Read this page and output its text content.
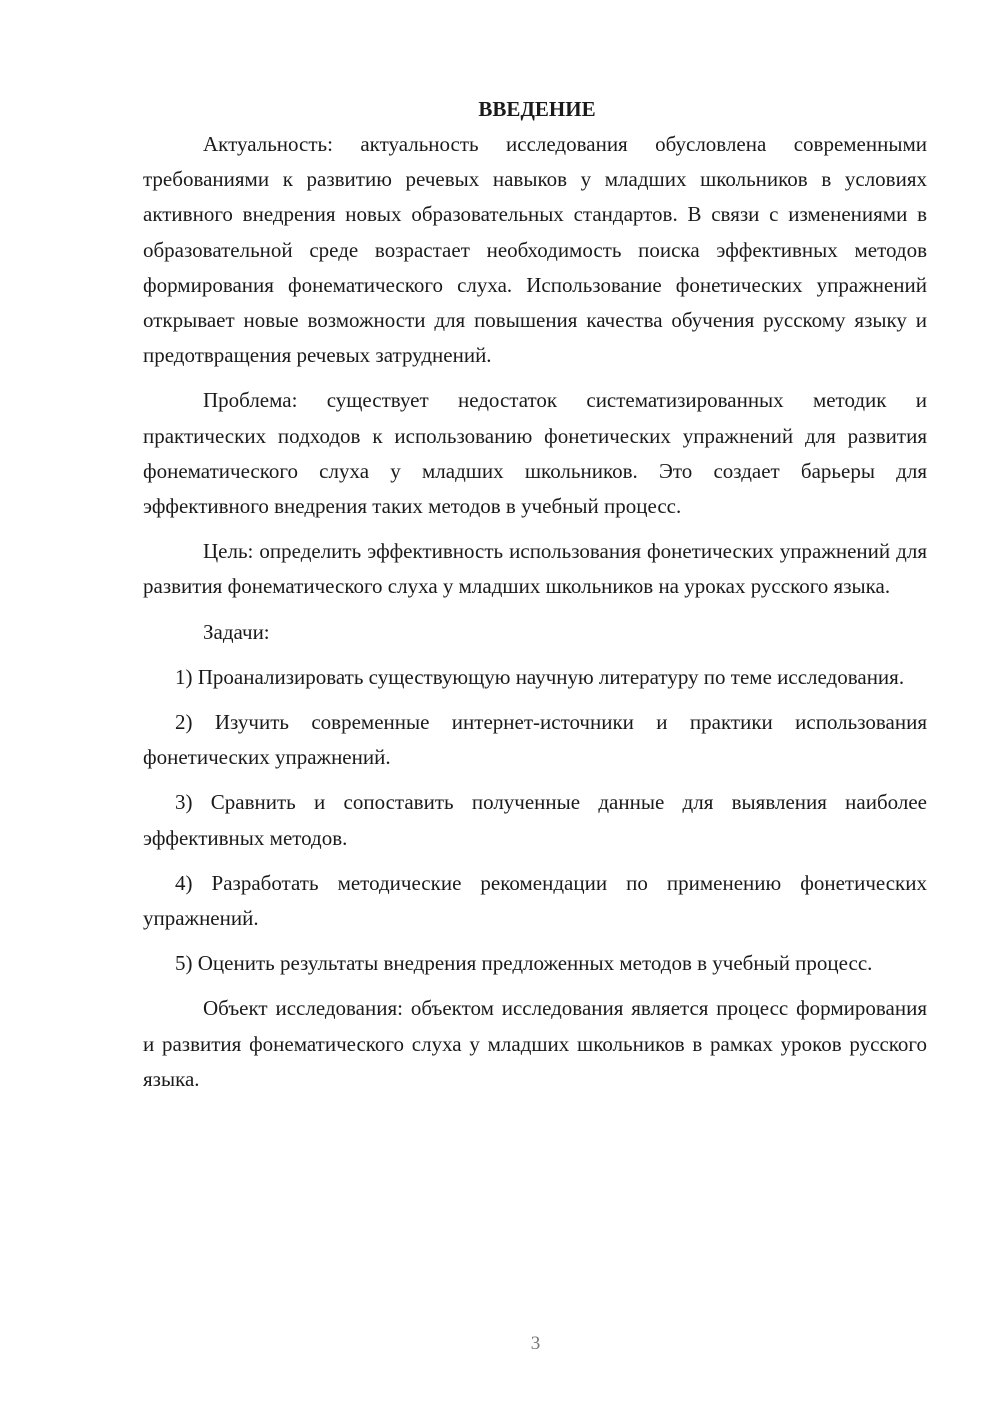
ВВЕДЕНИЕ

Актуальность: актуальность исследования обусловлена современными требованиями к развитию речевых навыков у младших школьников в условиях активного внедрения новых образовательных стандартов. В связи с изменениями в образовательной среде возрастает необходимость поиска эффективных методов формирования фонематического слуха. Использование фонетических упражнений открывает новые возможности для повышения качества обучения русскому языку и предотвращения речевых затруднений.

Проблема: существует недостаток систематизированных методик и практических подходов к использованию фонетических упражнений для развития фонематического слуха у младших школьников. Это создает барьеры для эффективного внедрения таких методов в учебный процесс.

Цель: определить эффективность использования фонетических упражнений для развития фонематического слуха у младших школьников на уроках русского языка.

Задачи:

1) Проанализировать существующую научную литературу по теме исследования.

2) Изучить современные интернет-источники и практики использования фонетических упражнений.

3) Сравнить и сопоставить полученные данные для выявления наиболее эффективных методов.

4) Разработать методические рекомендации по применению фонетических упражнений.

5) Оценить результаты внедрения предложенных методов в учебный процесс.

Объект исследования: объектом исследования является процесс формирования и развития фонематического слуха у младших школьников в рамках уроков русского языка.

3
